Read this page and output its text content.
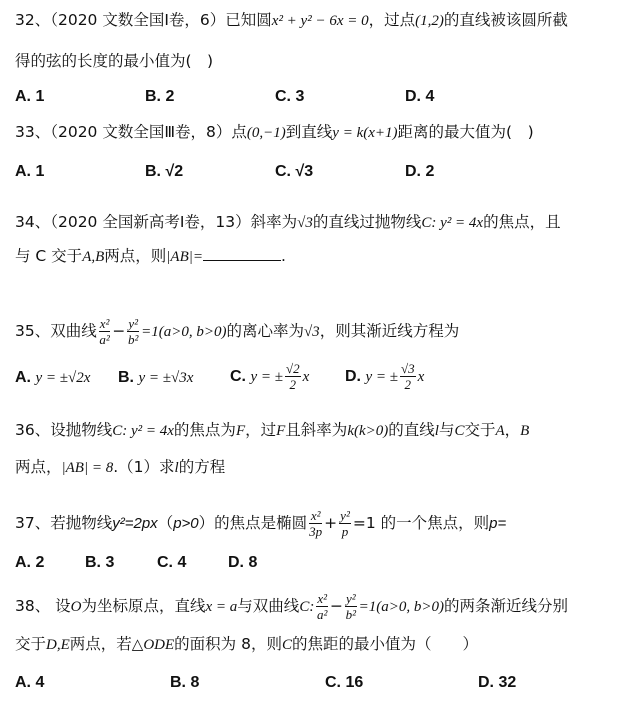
32、（2020 文数全国Ⅰ卷，6）已知圆x² + y² − 6x = 0，过点(1,2)的直线被该圆所截
得的弦的长度的最小值为(　)
A. 1	B. 2	C. 3	D. 4
33、（2020 文数全国Ⅲ卷，8）点(0,−1)到直线y = k(x+1)距离的最大值为(　)
A. 1	B. √2	C. √3	D. 2
34、（2020 全国新高考Ⅰ卷，13）斜率为√3的直线过抛物线C: y² = 4x的焦点，且
与 C 交于A,B两点，则|AB|=	.
35、双曲线 $\frac{\text{x²}}{\text{a²}} - \frac{\text{y²}}{\text{b²}} =1(a>0$, b>0)的离心率为√3，则其渐近线方程为
A. y = ±√2x B. y = ±√3x C. y = ± $\frac{√2}{2}$ x D. y = ± $\frac{√3}{2}$ x
36、设抛物线C: y² = 4x的焦点为F，过F且斜率为k(k>0)的直线l与C交于A，B
两点，|AB| = 8.（1）求l的方程
37、若抛物线y²=2px（p>0）的焦点是椭圆 $\frac{\text{x²}}{3p} + \frac{\text{y²}}{p} =1$ 的一个焦点，则p=
A. 2	B. 3	C. 4	D. 8
38、 设O为坐标原点，直线x = a与双曲线C: $\frac{\text{x²}}{\text{a²}} - \frac{\text{y²}}{\text{b²}} =1(a>0$, b>0)的两条渐近线分别
交于D,E两点，若△ODE的面积为 8，则C的焦距的最小值为（　　）
A. 4	B. 8	C. 16	D. 32
